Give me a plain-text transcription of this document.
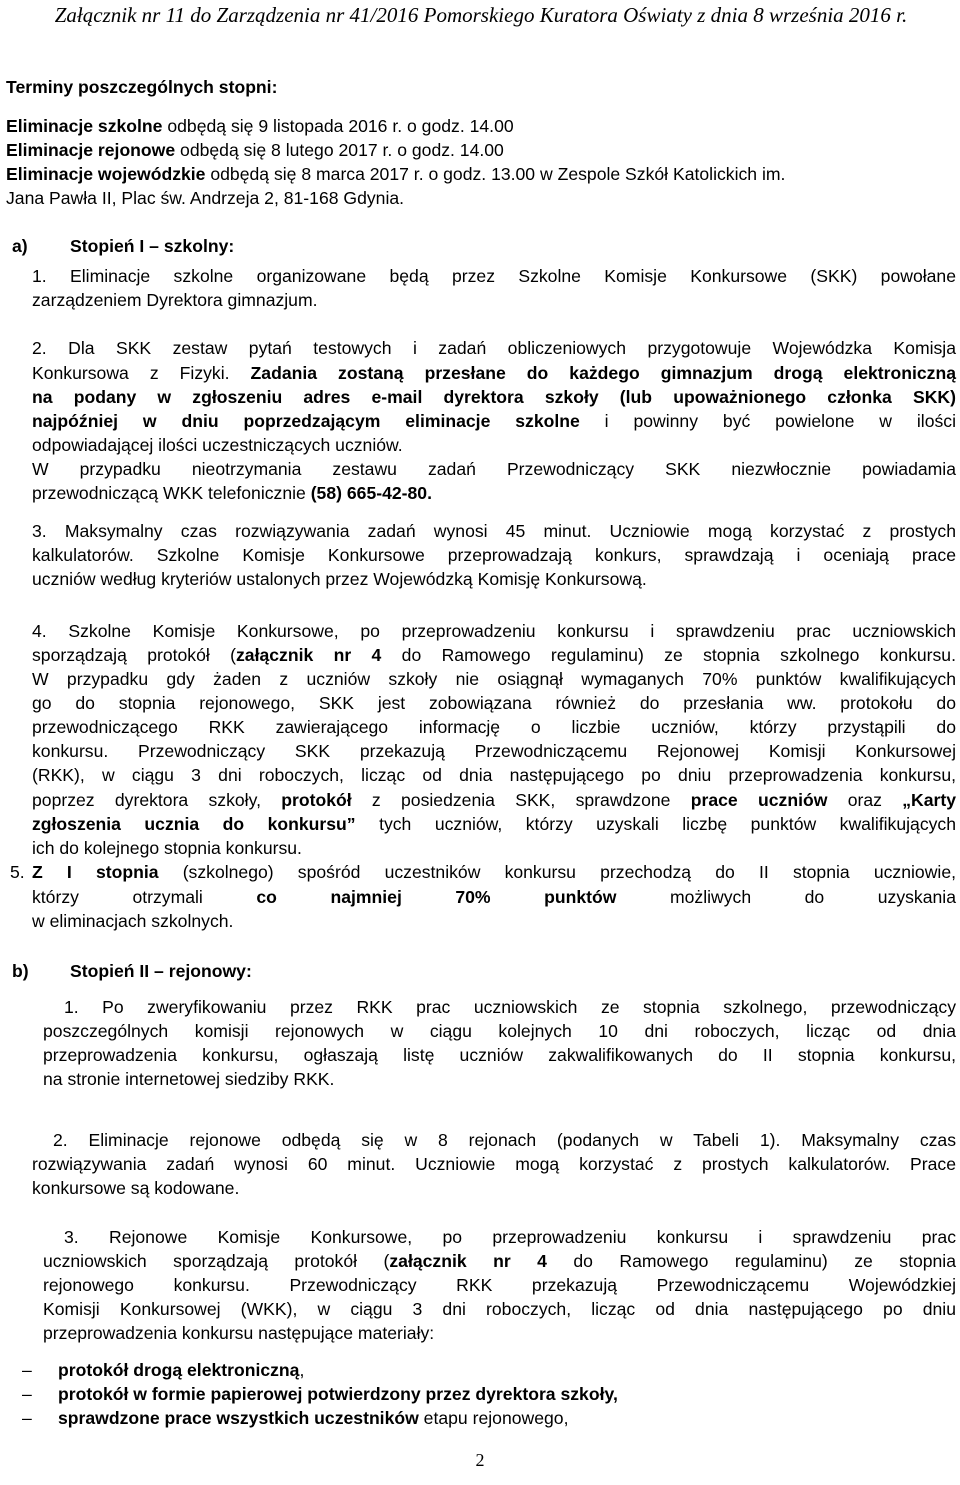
Załącznik nr 11 do Zarządzenia nr 41/2016 Pomorskiego Kuratora Oświaty z dnia 8 września 2016 r.
Terminy poszczególnych stopni:
Eliminacje szkolne odbędą się 9 listopada 2016 r. o godz. 14.00
Eliminacje rejonowe odbędą się 8 lutego 2017 r. o godz. 14.00
Eliminacje wojewódzkie odbędą się 8 marca 2017 r. o godz. 13.00 w Zespole Szkół Katolickich im.
Jana Pawła II, Plac św. Andrzeja 2, 81-168 Gdynia.
a) Stopień I – szkolny:
1. Eliminacje szkolne organizowane będą przez Szkolne Komisje Konkursowe (SKK) powołane
zarządzeniem Dyrektora gimnazjum.
2. Dla SKK zestaw pytań testowych i zadań obliczeniowych przygotowuje Wojewódzka Komisja
Konkursowa z Fizyki. Zadania zostaną przesłane do każdego gimnazjum drogą elektroniczną
na podany w zgłoszeniu adres e-mail dyrektora szkoły (lub upoważnionego członka SKK)
najpóźniej w dniu poprzedzającym eliminacje szkolne i powinny być powielone w ilości
odpowiadającej ilości uczestniczących uczniów.
W przypadku nieotrzymania zestawu zadań Przewodniczący SKK niezwłocznie powiadamia
przewodniczącą WKK telefonicznie (58) 665-42-80.
3. Maksymalny czas rozwiązywania zadań wynosi 45 minut. Uczniowie mogą korzystać z prostych
kalkulatorów. Szkolne Komisje Konkursowe przeprowadzają konkurs, sprawdzają i oceniają prace
uczniów według kryteriów ustalonych przez Wojewódzką Komisję Konkursową.
4. Szkolne Komisje Konkursowe, po przeprowadzeniu konkursu i sprawdzeniu prac uczniowskich
sporządzają protokół (załącznik nr 4 do Ramowego regulaminu) ze stopnia szkolnego konkursu.
W przypadku gdy żaden z uczniów szkoły nie osiągnął wymaganych 70% punktów kwalifikujących
go do stopnia rejonowego, SKK jest zobowiązana również do przesłania ww. protokołu do
przewodniczącego RKK zawierającego informację o liczbie uczniów, którzy przystąpili do
konkursu. Przewodniczący SKK przekazują Przewodniczącemu Rejonowej Komisji Konkursowej
(RKK), w ciągu 3 dni roboczych, licząc od dnia następującego po dniu przeprowadzenia konkursu,
poprzez dyrektora szkoły, protokół z posiedzenia SKK, sprawdzone prace uczniów oraz „Karty
zgłoszenia uczniа do konkursu” tych uczniów, którzy uzyskali liczbę punktów kwalifikujących
ich do kolejnego stopnia konkursu.
5. Z I stopnia (szkolnego) spośród uczestników konkursu przechodzą do II stopnia uczniowie,
którzy otrzymali co najmniej 70% punktów możliwych do uzyskania
w eliminacjach szkolnych.
b) Stopień II – rejonowy:
1. Po zweryfikowaniu przez RKK prac uczniowskich ze stopnia szkolnego, przewodniczący
poszczególnych komisji rejonowych w ciągu kolejnych 10 dni roboczych, licząc od dnia
przeprowadzenia konkursu, ogłaszają listę uczniów zakwalifikowanych do II stopnia konkursu,
na stronie internetowej siedziby RKK.
2. Eliminacje rejonowe odbędą się w 8 rejonach (podanych w Tabeli 1). Maksymalny czas
rozwiązywania zadań wynosi 60 minut. Uczniowie mogą korzystać z prostych kalkulatorów. Prace
konkursowe są kodowane.
3. Rejonowe Komisje Konkursowe, po przeprowadzeniu konkursu i sprawdzeniu prac
uczniowskich sporządzają protokół (załącznik nr 4 do Ramowego regulaminu) ze stopnia
rejonowego konkursu. Przewodniczący RKK przekazują Przewodniczącemu Wojewódzkiej
Komisji Konkursowej (WKK), w ciągu 3 dni roboczych, licząc od dnia następującego po dniu
przeprowadzenia konkursu następujące materiały:
– protokół drogą elektroniczną,
– protokół w formie papierowej potwierdzony przez dyrektora szkoły,
– sprawdzone prace wszystkich uczestników etapu rejonowego,
2
